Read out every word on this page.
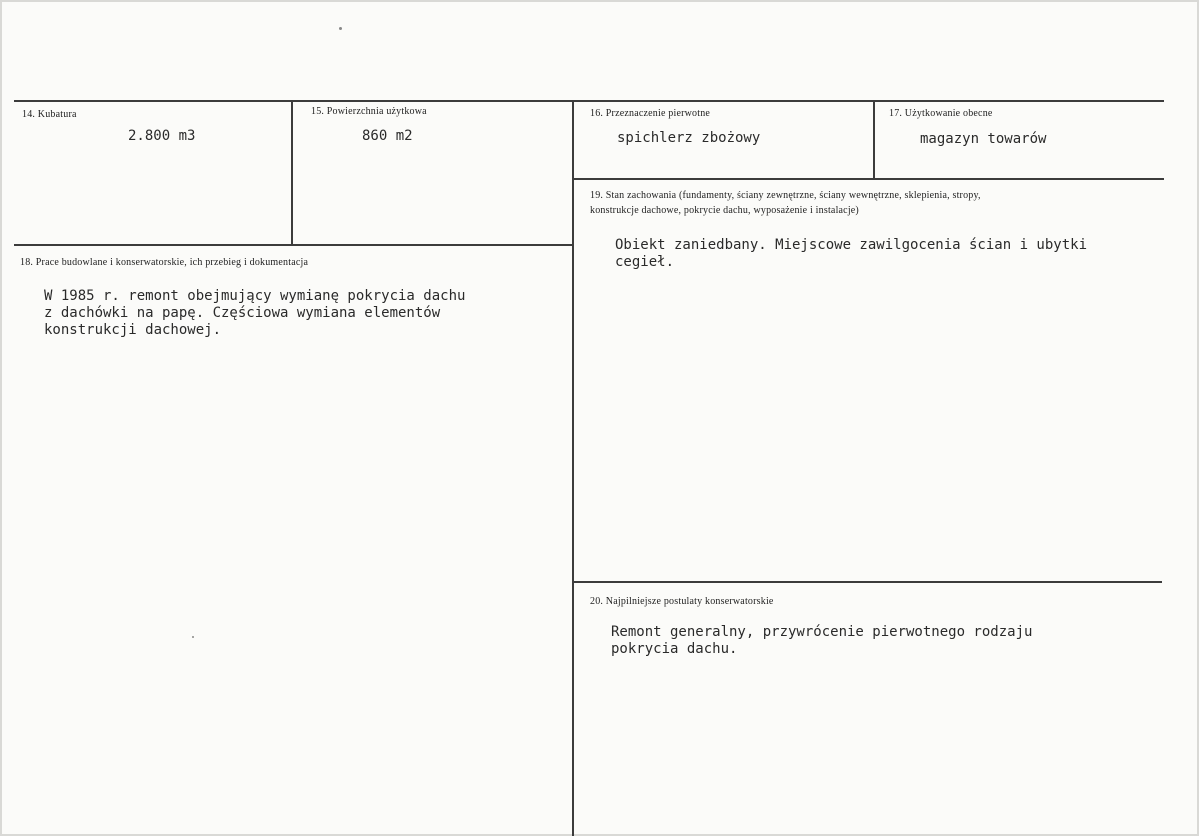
14. Kubatura
2.800 m3
15. Powierzchnia użytkowa
860 m2
16. Przeznaczenie pierwotne
spichlerz zbożowy
17. Użytkowanie obecne
magazyn towarów
19. Stan zachowania (fundamenty, ściany zewnętrzne, ściany wewnętrzne, sklepienia, stropy,
konstrukcje dachowe, pokrycie dachu, wyposażenie i instalacje)
Obiekt zaniedbany. Miejscowe zawilgocenia ścian i ubytki
cegieł.
18. Prace budowlane i konserwatorskie, ich przebieg i dokumentacja
W 1985 r. remont obejmujący wymianę pokrycia dachu
z dachówki na papę. Częściowa wymiana elementów
konstrukcji dachowej.
20. Najpilniejsze postulaty konserwatorskie
Remont generalny, przywrócenie pierwotnego rodzaju
pokrycia dachu.
